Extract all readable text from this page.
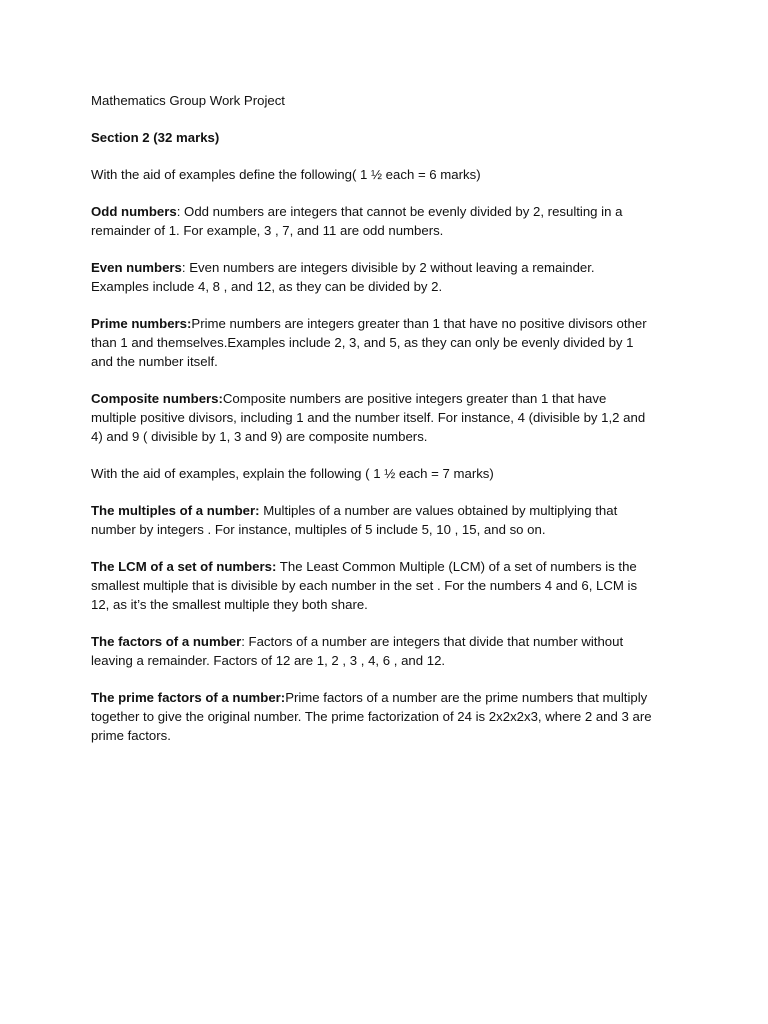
Mathematics Group Work Project

Section 2 (32 marks)

With the aid of examples define the following( 1 ½ each = 6 marks)

Odd numbers: Odd numbers are integers that cannot be evenly divided by 2, resulting in a

remainder of 1. For example, 3 , 7, and 11 are odd numbers.

Even numbers: Even numbers are integers divisible by 2 without leaving a remainder.

Examples include 4, 8 , and 12, as they can be divided by 2.

Prime numbers:Prime numbers are integers greater than 1 that have no positive divisors other

than 1 and themselves.Examples include 2, 3, and 5, as they can only be evenly divided by 1

and the number itself.

Composite numbers:Composite numbers are positive integers greater than 1 that have

multiple positive divisors, including 1 and the number itself. For instance, 4 (divisible by 1,2 and

4) and 9 ( divisible by 1, 3 and 9) are composite numbers.

With the aid of examples, explain the following ( 1 ½ each = 7 marks)

The multiples of a number: Multiples of a number are values obtained by multiplying that

number by integers . For instance, multiples of 5 include 5, 10 , 15, and so on.

The LCM of a set of numbers: The Least Common Multiple (LCM) of a set of numbers is the

smallest multiple that is divisible by each number in the set . For the numbers 4 and 6, LCM is

12, as it’s the smallest multiple they both share.

The factors of a number: Factors of a number are integers that divide that number without

leaving a remainder. Factors of 12 are 1, 2 , 3 , 4, 6 , and 12.

The prime factors of a number:Prime factors of a number are the prime numbers that multiply

together to give the original number. The prime factorization of 24 is 2x2x2x3, where 2 and 3 are

prime factors.
